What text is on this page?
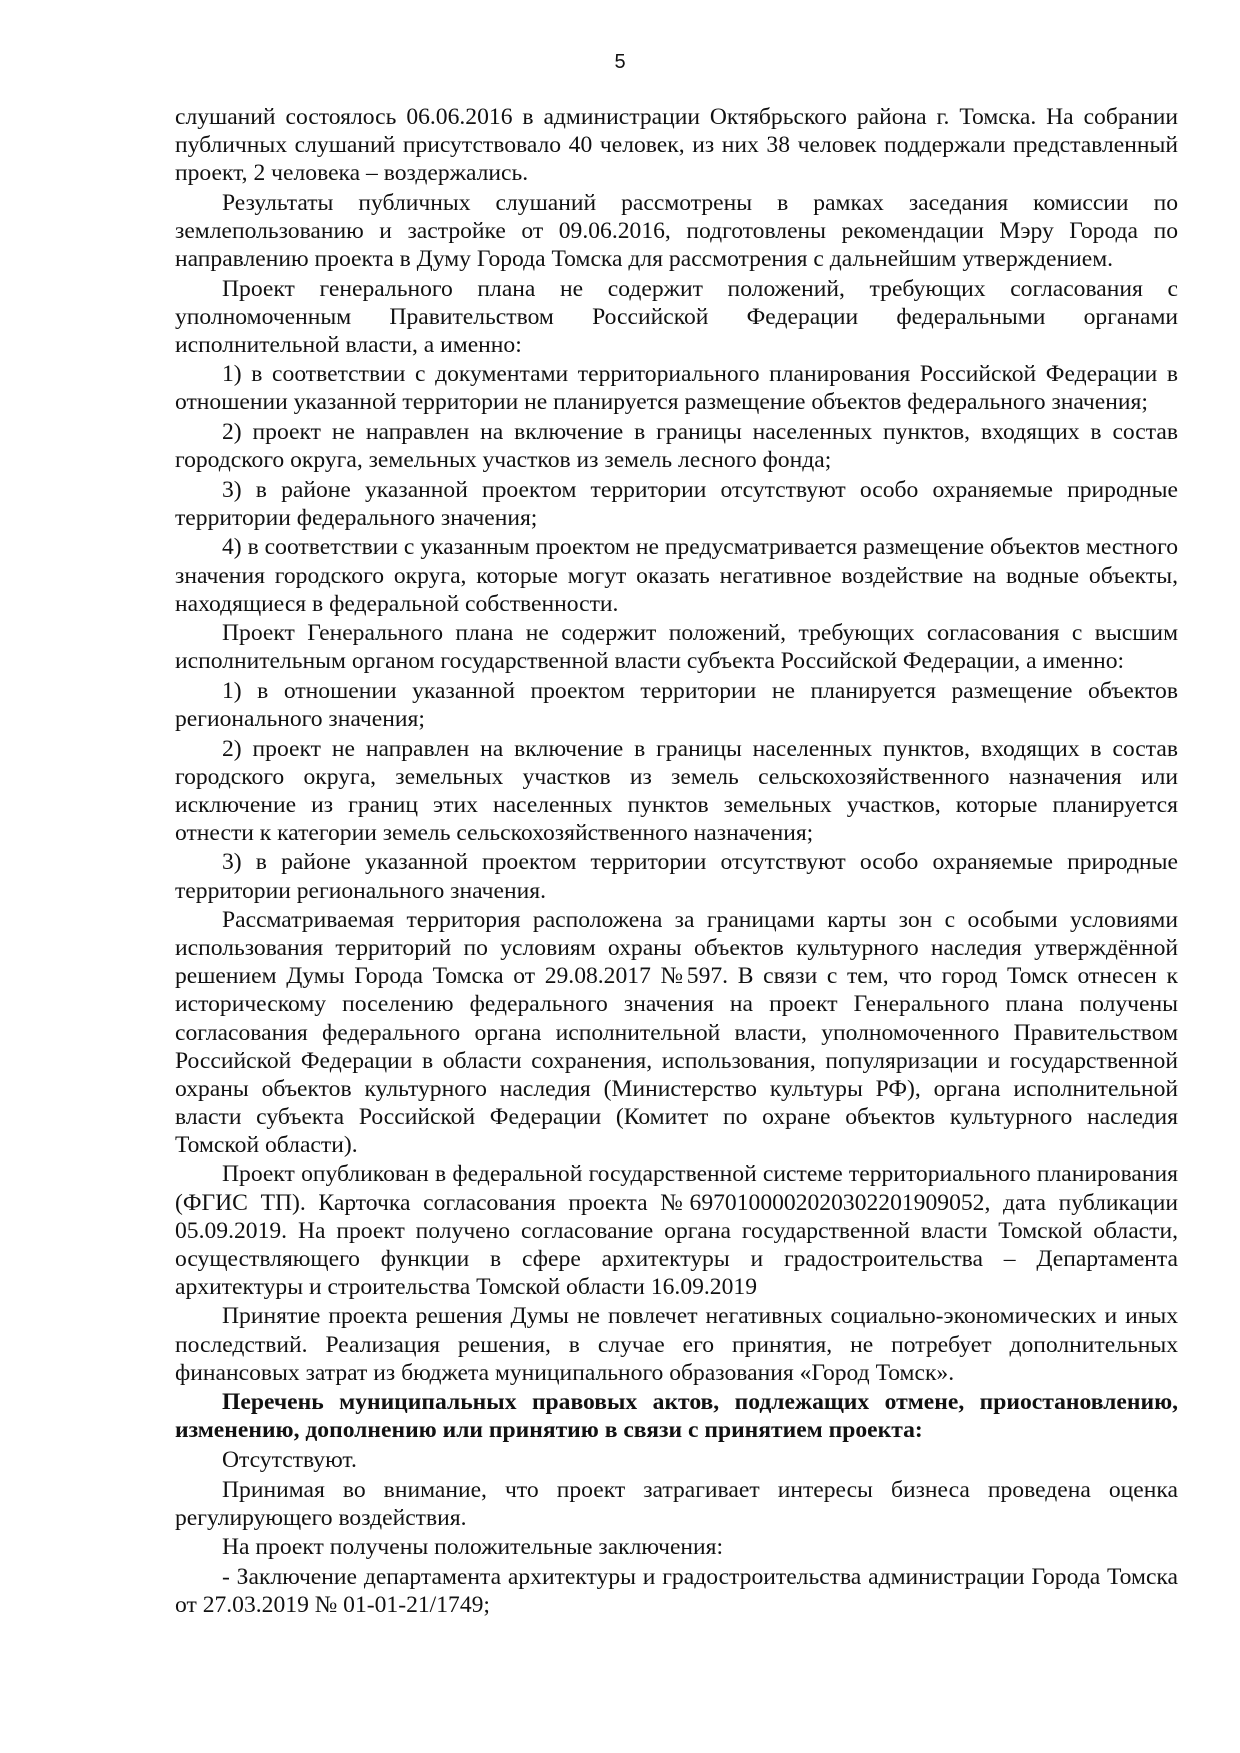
5

слушаний состоялось 06.06.2016 в администрации Октябрьского района г. Томска. На собрании публичных слушаний присутствовало 40 человек, из них 38 человек поддержали представленный проект, 2 человека – воздержались.

Результаты публичных слушаний рассмотрены в рамках заседания комиссии по землепользованию и застройке от 09.06.2016, подготовлены рекомендации Мэру Города по направлению проекта в Думу Города Томска для рассмотрения с дальнейшим утверждением.

Проект генерального плана не содержит положений, требующих согласования с уполномоченным Правительством Российской Федерации федеральными органами исполнительной власти, а именно:

1) в соответствии с документами территориального планирования Российской Федерации в отношении указанной территории не планируется размещение объектов федерального значения;

2) проект не направлен на включение в границы населенных пунктов, входящих в состав городского округа, земельных участков из земель лесного фонда;

3) в районе указанной проектом территории отсутствуют особо охраняемые природные территории федерального значения;

4) в соответствии с указанным проектом не предусматривается размещение объектов местного значения городского округа, которые могут оказать негативное воздействие на водные объекты, находящиеся в федеральной собственности.

Проект Генерального плана не содержит положений, требующих согласования с высшим исполнительным органом государственной власти субъекта Российской Федерации, а именно:

1) в отношении указанной проектом территории не планируется размещение объектов регионального значения;

2) проект не направлен на включение в границы населенных пунктов, входящих в состав городского округа, земельных участков из земель сельскохозяйственного назначения или исключение из границ этих населенных пунктов земельных участков, которые планируется отнести к категории земель сельскохозяйственного назначения;

3) в районе указанной проектом территории отсутствуют особо охраняемые природные территории регионального значения.

Рассматриваемая территория расположена за границами карты зон с особыми условиями использования территорий по условиям охраны объектов культурного наследия утверждённой решением Думы Города Томска от 29.08.2017 №597. В связи с тем, что город Томск отнесен к историческому поселению федерального значения на проект Генерального плана получены согласования федерального органа исполнительной власти, уполномоченного Правительством Российской Федерации в области сохранения, использования, популяризации и государственной охраны объектов культурного наследия (Министерство культуры РФ), органа исполнительной власти субъекта Российской Федерации (Комитет по охране объектов культурного наследия Томской области).

Проект опубликован в федеральной государственной системе территориального планирования (ФГИС ТП). Карточка согласования проекта №69701000020203022019090​52, дата публикации 05.09.2019. На проект получено согласование органа государственной власти Томской области, осуществляющего функции в сфере архитектуры и градостроительства – Департамента архитектуры и строительства Томской области 16.09.2019

Принятие проекта решения Думы не повлечет негативных социально-экономических и иных последствий. Реализация решения, в случае его принятия, не потребует дополнительных финансовых затрат из бюджета муниципального образования «Город Томск».

Перечень муниципальных правовых актов, подлежащих отмене, приостановлению, изменению, дополнению или принятию в связи с принятием проекта:

Отсутствуют.

Принимая во внимание, что проект затрагивает интересы бизнеса проведена оценка регулирующего воздействия.

На проект получены положительные заключения:

- Заключение департамента архитектуры и градостроительства администрации Города Томска от 27.03.2019 № 01-01-21/1749;
